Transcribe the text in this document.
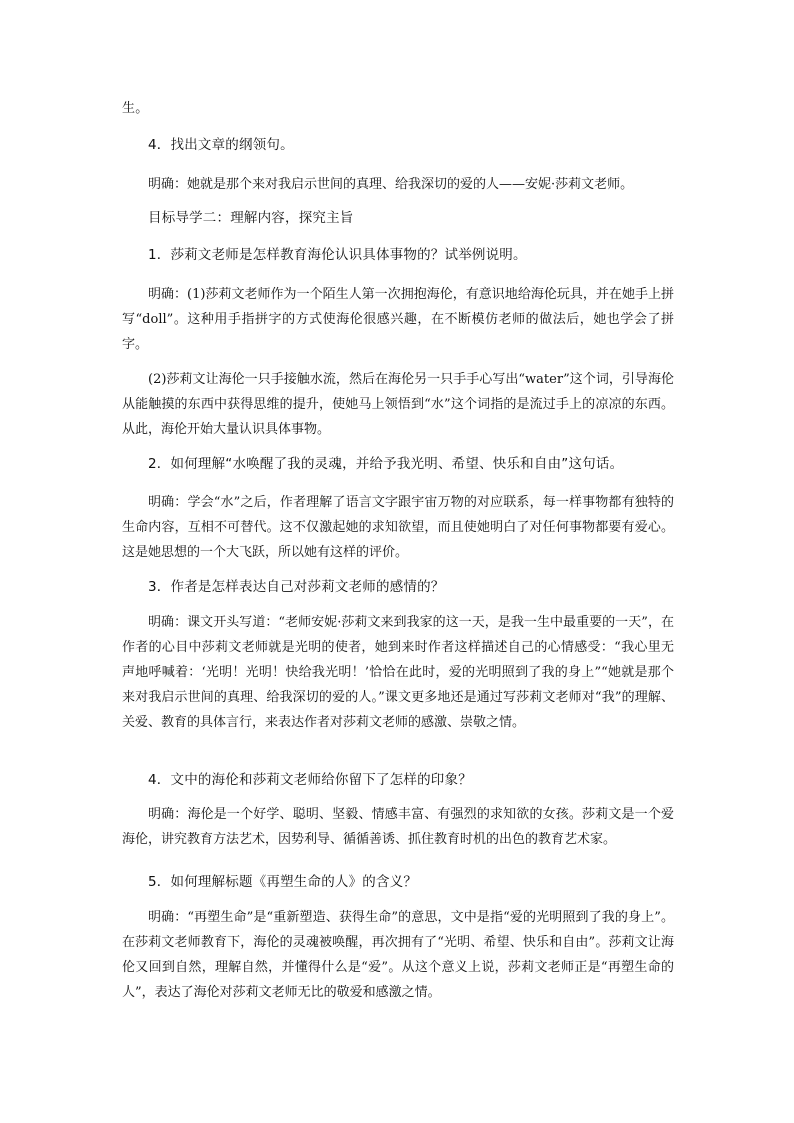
生。
4．找出文章的纲领句。
明确：她就是那个来对我启示世间的真理、给我深切的爱的人——安妮·莎莉文老师。
目标导学二：理解内容，探究主旨
1．莎莉文老师是怎样教育海伦认识具体事物的？试举例说明。
明确：(1)莎莉文老师作为一个陌生人第一次拥抱海伦，有意识地给海伦玩具，并在她手上拼写“doll”。这种用手指拼字的方式使海伦很感兴趣，在不断模仿老师的做法后，她也学会了拼字。
(2)莎莉文让海伦一只手接触水流，然后在海伦另一只手手心写出“water”这个词，引导海伦从能触摸的东西中获得思维的提升，使她马上领悟到“水”这个词指的是流过手上的凉凉的东西。从此，海伦开始大量认识具体事物。
2．如何理解“水唤醒了我的灵魂，并给予我光明、希望、快乐和自由”这句话。
明确：学会“水”之后，作者理解了语言文字跟宇宙万物的对应联系，每一样事物都有独特的生命内容，互相不可替代。这不仅激起她的求知欲望，而且使她明白了对任何事物都要有爱心。这是她思想的一个大飞跃，所以她有这样的评价。
3．作者是怎样表达自己对莎莉文老师的感情的？
明确：课文开头写道：“老师安妮·莎莉文来到我家的这一天，是我一生中最重要的一天”，在作者的心目中莎莉文老师就是光明的使者，她到来时作者这样描述自己的心情感受：“我心里无声地呼喊着：‘光明！光明！快给我光明！’恰恰在此时，爱的光明照到了我的身上”“她就是那个来对我启示世间的真理、给我深切的爱的人。”课文更多地还是通过写莎莉文老师对“我”的理解、关爱、教育的具体言行，来表达作者对莎莉文老师的感激、崇敬之情。
4．文中的海伦和莎莉文老师给你留下了怎样的印象？
明确：海伦是一个好学、聪明、坚毅、情感丰富、有强烈的求知欲的女孩。莎莉文是一个爱海伦，讲究教育方法艺术，因势利导、循循善诱、抓住教育时机的出色的教育艺术家。
5．如何理解标题《再塑生命的人》的含义？
明确：“再塑生命”是“重新塑造、获得生命”的意思，文中是指“爱的光明照到了我的身上”。在莎莉文老师教育下，海伦的灵魂被唤醒，再次拥有了“光明、希望、快乐和自由”。莎莉文让海伦又回到自然，理解自然，并懂得什么是“爱”。从这个意义上说，莎莉文老师正是“再塑生命的人”，表达了海伦对莎莉文老师无比的敬爱和感激之情。
